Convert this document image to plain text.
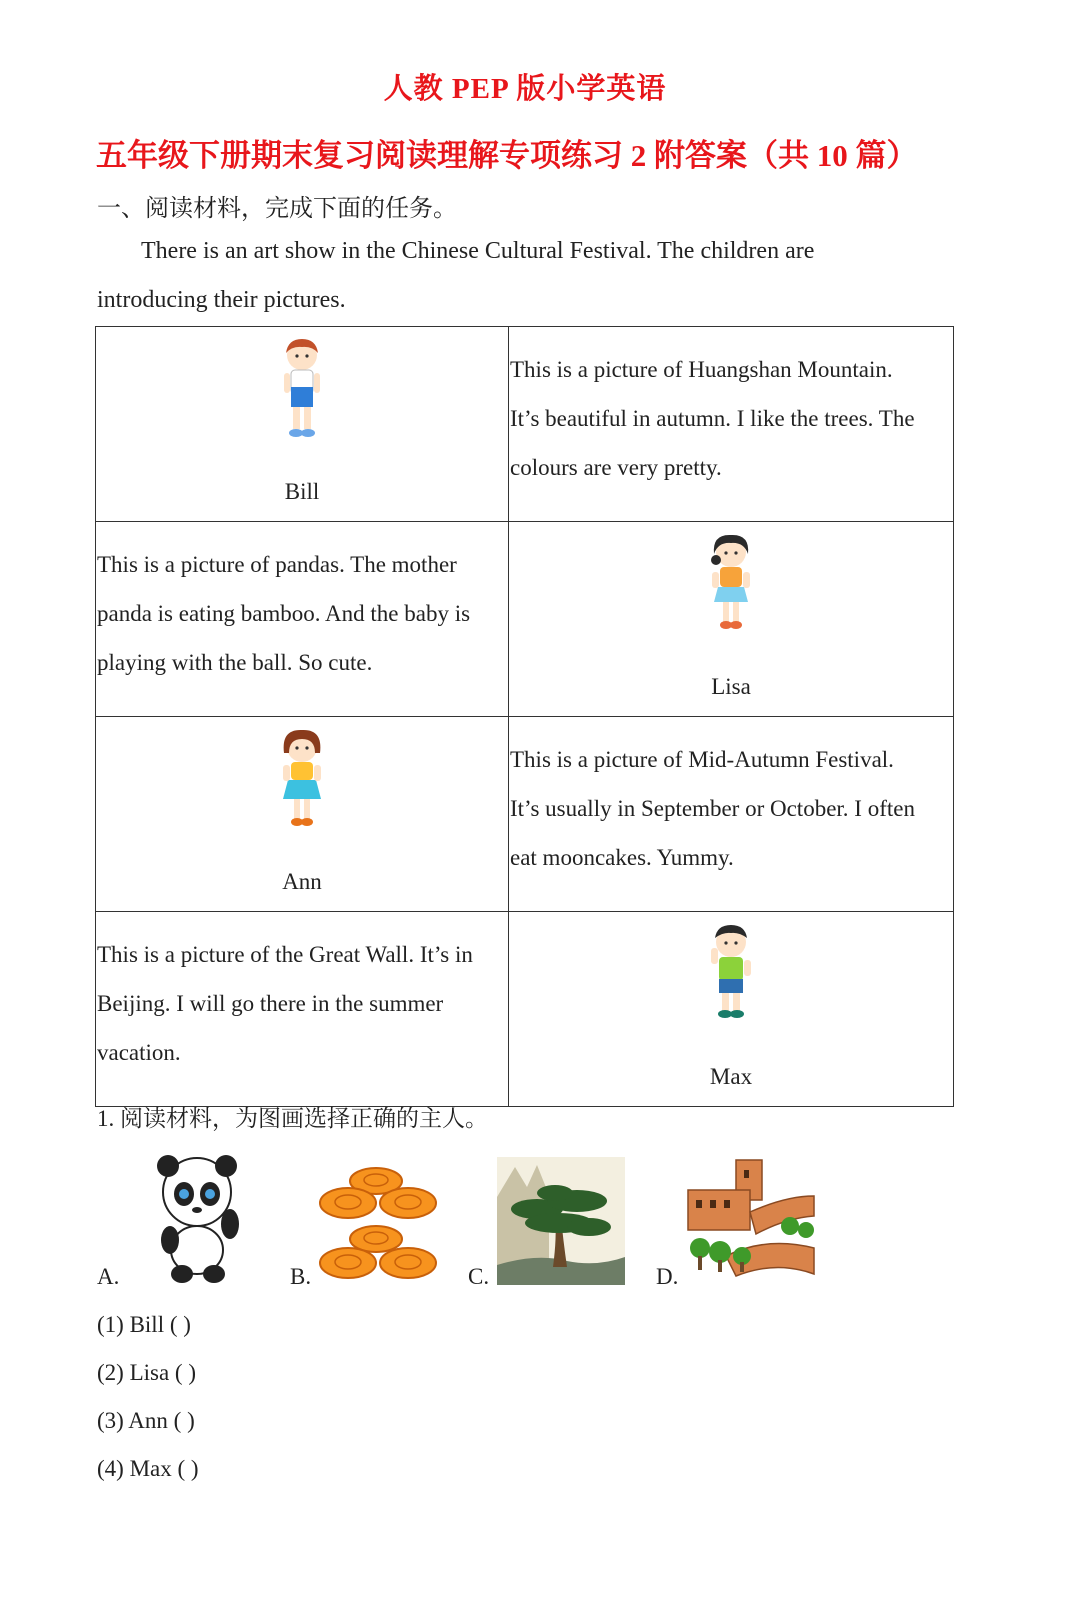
人教 PEP 版小学英语
五年级下册期末复习阅读理解专项练习 2 附答案（共 10 篇）
一、阅读材料，完成下面的任务。
There is an art show in the Chinese Cultural Festival. The children are
introducing their pictures.
Bill	This is a picture of Huangshan Mountain.
It’s beautiful in autumn. I like the trees. The
colours are very pretty.

This is a picture of pandas. The mother
panda is eating bamboo. And the baby is
playing with the ball. So cute.	Lisa

Ann	This is a picture of Mid-Autumn Festival.
It’s usually in September or October. I often
eat mooncakes. Yummy.

This is a picture of the Great Wall. It’s in
Beijing. I will go there in the summer
vacation.	Max
1. 阅读材料，为图画选择正确的主人。
A.	B.	C.	D.
(1) Bill ( )
(2) Lisa ( )
(3) Ann ( )
(4) Max ( )
